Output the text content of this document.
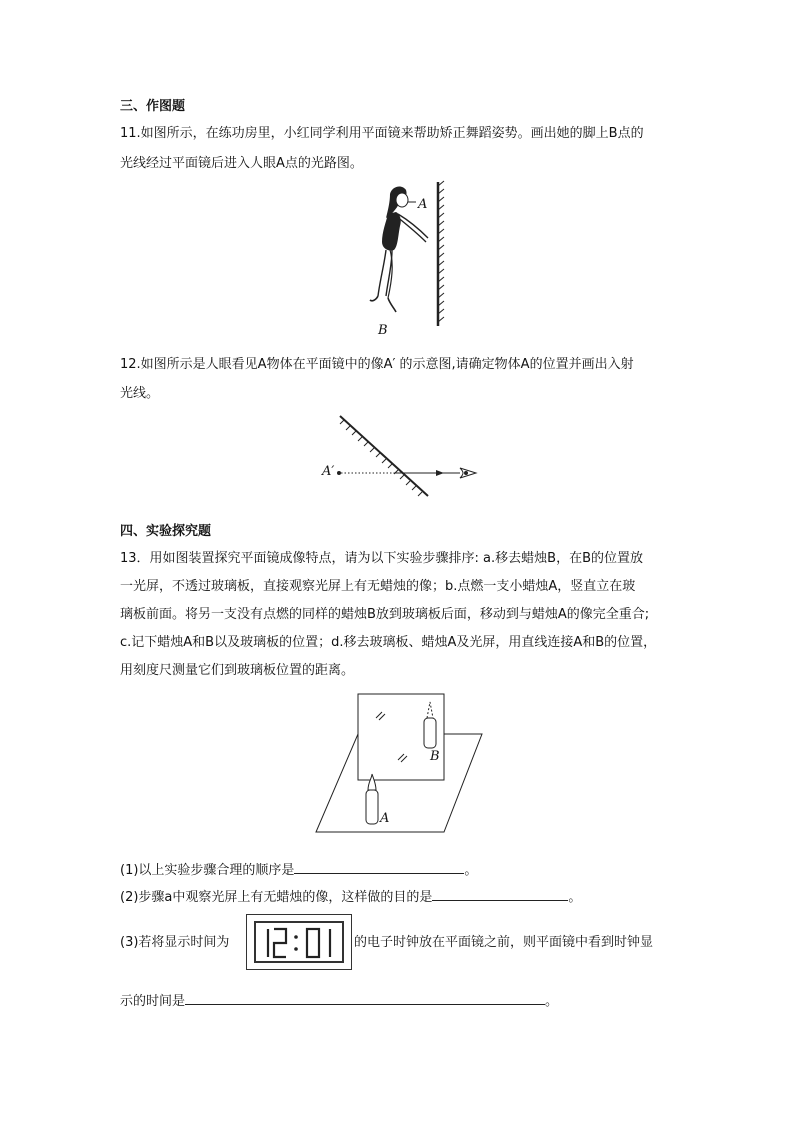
三、作图题
11.如图所示，在练功房里，小红同学利用平面镜来帮助矫正舞蹈姿势。画出她的脚上B点的
光线经过平面镜后进入人眼A点的光路图。
A
B
12.如图所示是人眼看见A物体在平面镜中的像A′ 的示意图,请确定物体A的位置并画出入射
光线。
A′
四、实验探究题
13．用如图装置探究平面镜成像特点，请为以下实验步骤排序: a.移去蜡烛B，在B的位置放
一光屏，不透过玻璃板，直接观察光屏上有无蜡烛的像；b.点燃一支小蜡烛A，竖直立在玻
璃板前面。将另一支没有点燃的同样的蜡烛B放到玻璃板后面，移动到与蜡烛A的像完全重合;
c.记下蜡烛A和B以及玻璃板的位置；d.移去玻璃板、蜡烛A及光屏，用直线连接A和B的位置，
用刻度尺测量它们到玻璃板位置的距离。
B
A
(1)以上实验步骤合理的顺序是	。
(2)步骤a中观察光屏上有无蜡烛的像，这样做的目的是	。
(3)若将显示时间为	的电子时钟放在平面镜之前，则平面镜中看到时钟显
示的时间是	。
